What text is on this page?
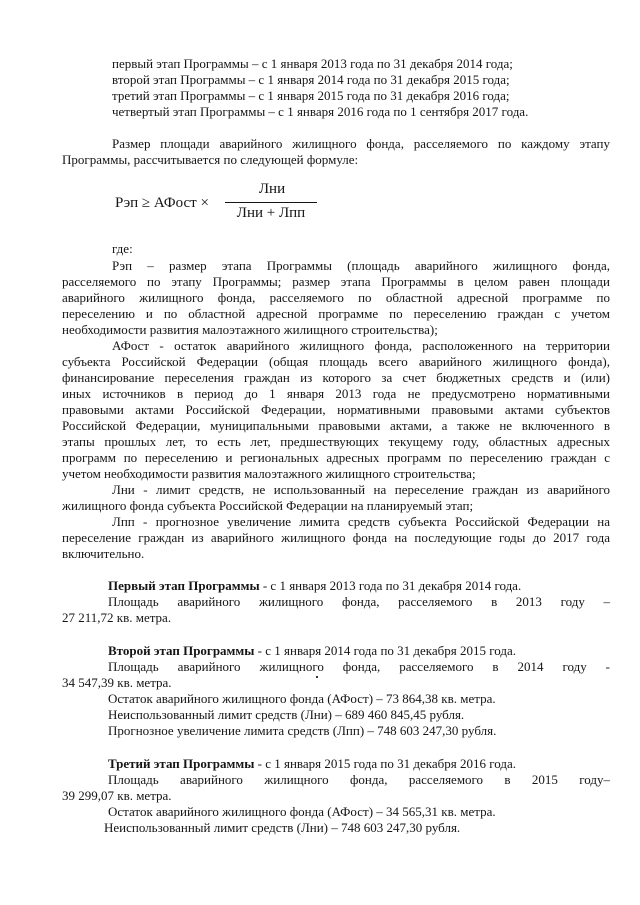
первый этап Программы – с 1 января 2013 года по 31 декабря 2014 года;
второй этап Программы – с 1 января 2014 года по 31 декабря 2015 года;
третий этап Программы – с 1 января 2015 года по 31 декабря 2016 года;
четвертый этап Программы – с 1 января 2016 года по 1 сентября 2017 года.
Размер площади аварийного жилищного фонда, расселяемого по каждому этапу
Программы, рассчитывается по следующей формуле:
Рэп ≥ АФост ×
Лни
Лни + Лпп
где:
Рэп – размер этапа Программы (площадь аварийного жилищного фонда,
расселяемого по этапу Программы; размер этапа Программы в целом равен площади
аварийного жилищного фонда, расселяемого по областной адресной программе по
переселению и по областной адресной программе по переселению граждан с учетом
необходимости развития малоэтажного жилищного строительства);
АФост - остаток аварийного жилищного фонда, расположенного на территории
субъекта Российской Федерации (общая площадь всего аварийного жилищного фонда),
финансирование переселения граждан из которого за счет бюджетных средств и (или)
иных источников в период до 1 января 2013 года не предусмотрено нормативными
правовыми актами Российской Федерации, нормативными правовыми актами субъектов
Российской Федерации, муниципальными правовыми актами, а также не включенного в
этапы прошлых лет, то есть лет, предшествующих текущему году, областных адресных
программ по переселению и региональных адресных программ по переселению граждан с
учетом необходимости развития малоэтажного жилищного строительства;
Лни - лимит средств, не использованный на переселение граждан из аварийного
жилищного фонда субъекта Российской Федерации на планируемый этап;
Лпп - прогнозное увеличение лимита средств субъекта Российской Федерации на
переселение граждан из аварийного жилищного фонда на последующие годы до 2017 года
включительно.
Первый этап Программы - с 1 января 2013 года по 31 декабря 2014 года.
Площадь аварийного жилищного фонда, расселяемого в 2013 году –
27 211,72 кв. метра.
Второй этап Программы - с 1 января 2014 года по 31 декабря 2015 года.
Площадь аварийного жилищного фонда, расселяемого в 2014 году -
34 547,39 кв. метра.
Остаток аварийного жилищного фонда (АФост) – 73 864,38 кв. метра.
Неиспользованный лимит средств (Лни) – 689 460 845,45 рубля.
Прогнозное увеличение лимита средств (Лпп) – 748 603 247,30 рубля.
Третий этап Программы - с 1 января 2015 года по 31 декабря 2016 года.
Площадь аварийного жилищного фонда, расселяемого в 2015 году–
39 299,07 кв. метра.
Остаток аварийного жилищного фонда (АФост) – 34 565,31 кв. метра.
Неиспользованный лимит средств (Лни) – 748 603 247,30 рубля.
